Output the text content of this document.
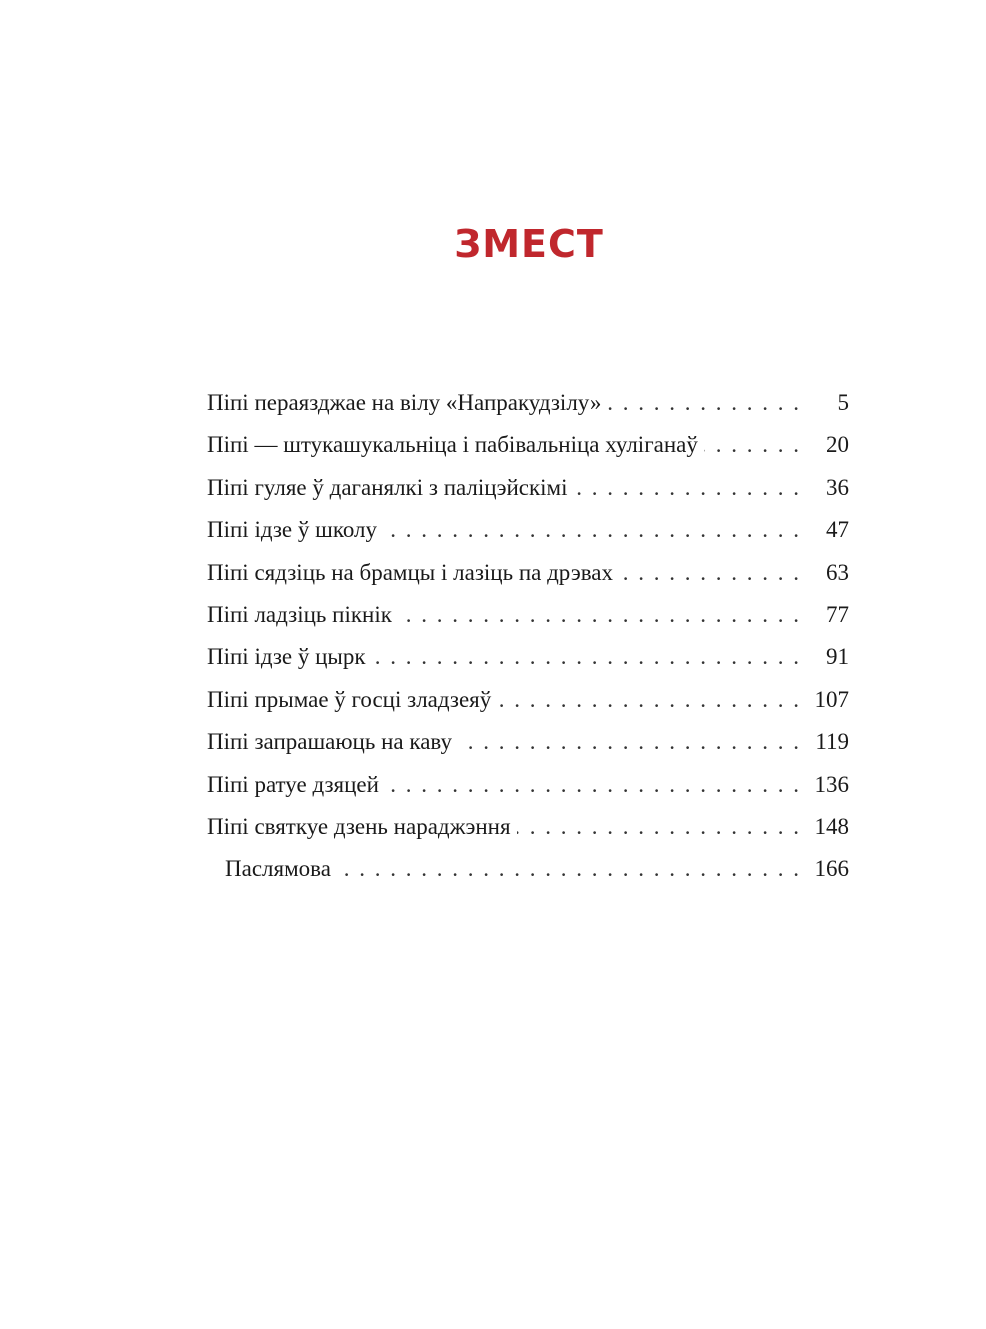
ЗМЕСТ
Піпі пераязджае на вілу «Напракудзілу» . . .	5
Піпі — штукашукальніца і пабівальніца хуліганаў . . .	20
Піпі гуляе ў даганялкі з паліцэйскімі . . .	36
Піпі ідзе ў школу . . .	47
Піпі сядзіць на брамцы і лазіць па дрэвах . . .	63
Піпі ладзіць пікнік . . .	77
Піпі ідзе ў цырк . . .	91
Піпі прымае ў госці зладзеяў . . .	107
Піпі запрашаюць на каву . . .	119
Піпі ратуе дзяцей . . .	136
Піпі святкуе дзень нараджэння . . .	148
Паслямова . . .	166
